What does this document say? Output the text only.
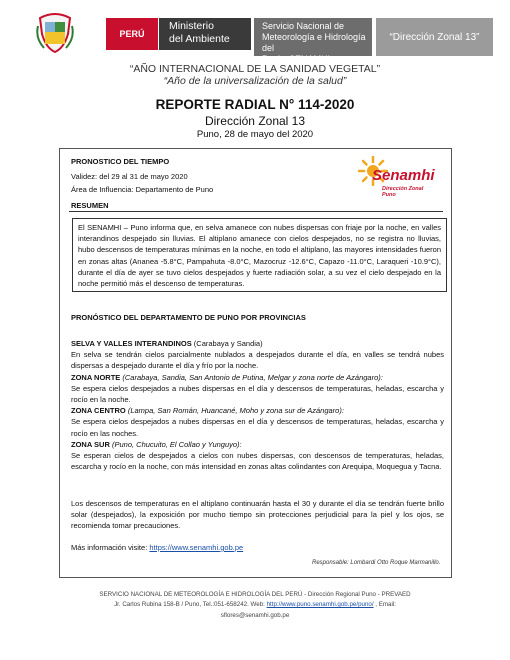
PERÚ
Ministerio
del Ambiente
Servicio Nacional de
Meteorología e Hidrología del
Perú - SENAMHI
“Dirección Zonal 13”
“AÑO INTERNACIONAL DE LA SANIDAD VEGETAL”
“Año de la universalización de la salud”
REPORTE RADIAL N° 114-2020
Dirección Zonal 13
Puno, 28 de mayo del 2020
PRONOSTICO DEL TIEMPO
Validez: del 29 al 31 de mayo 2020
Área de Influencia: Departamento de Puno
Senamhi
Dirección Zonal Puno
RESUMEN
El SENAMHI – Puno informa que, en selva amanece con nubes dispersas con friaje por la noche, en valles interandinos despejado sin lluvias. El altiplano amanece con cielos despejados, no se registra no lluvias, hubo descensos de temperaturas mínimas en la noche, en todo el altiplano, las mayores intensidades fueron en zonas altas (Ananea -5.8°C, Pampahuta -8.0°C, Mazocruz -12.6°C, Capazo -11.0°C, Laraqueri -10.9°C), durante el día de ayer se tuvo cielos despejados y fuerte radiación solar, a su vez el cielo despejado en la noche permitió más el descenso de temperaturas.
PRONÓSTICO DEL DEPARTAMENTO DE PUNO POR PROVINCIAS
SELVA Y VALLES INTERANDINOS (Carabaya y Sandia)
En selva se tendrán cielos parcialmente nublados a despejados durante el día, en valles se tendrá nubes dispersas a despejado durante el día y frío por la noche.
ZONA NORTE (Carabaya, Sandia, San Antonio de Putina, Melgar y zona norte de Azángaro):
Se espera cielos despejados a nubes dispersas en el día y descensos de temperaturas, heladas, escarcha y rocío en la noche.
ZONA CENTRO (Lampa, San Román, Huancané, Moho y zona sur de Azángaro):
Se espera cielos despejados a nubes dispersas en el día y descensos de temperaturas, heladas, escarcha y rocío en las noches.
ZONA SUR (Puno, Chucuito, El Collao y Yunguyo):
Se esperan cielos de despejados a cielos con nubes dispersas, con descensos de temperaturas, heladas, escarcha y rocío en la noche, con más intensidad en zonas altas colindantes con Arequipa, Moquegua y Tacna.
Los descensos de temperaturas en el altiplano continuarán hasta el 30 y durante el día se tendrán fuerte brillo solar (despejados), la exposición por mucho tiempo sin protecciones perjudicial para la piel y los ojos, se recomienda tomar precauciones.
Más información visite: https://www.senamhi.gob.pe
Responsable: Lombardi Otto Roque Marmanillo.
SERVICIO NACIONAL DE METEOROLOGÍA E HIDROLOGÍA DEL PERÚ - Dirección Regional Puno - PREVAED
Jr. Carlos Rubina 158-B / Puno, Tel.:051-658242. Web: http://www.puno.senamhi.gob.pe/puno/ , Email:
sflores@senamhi.gob.pe
